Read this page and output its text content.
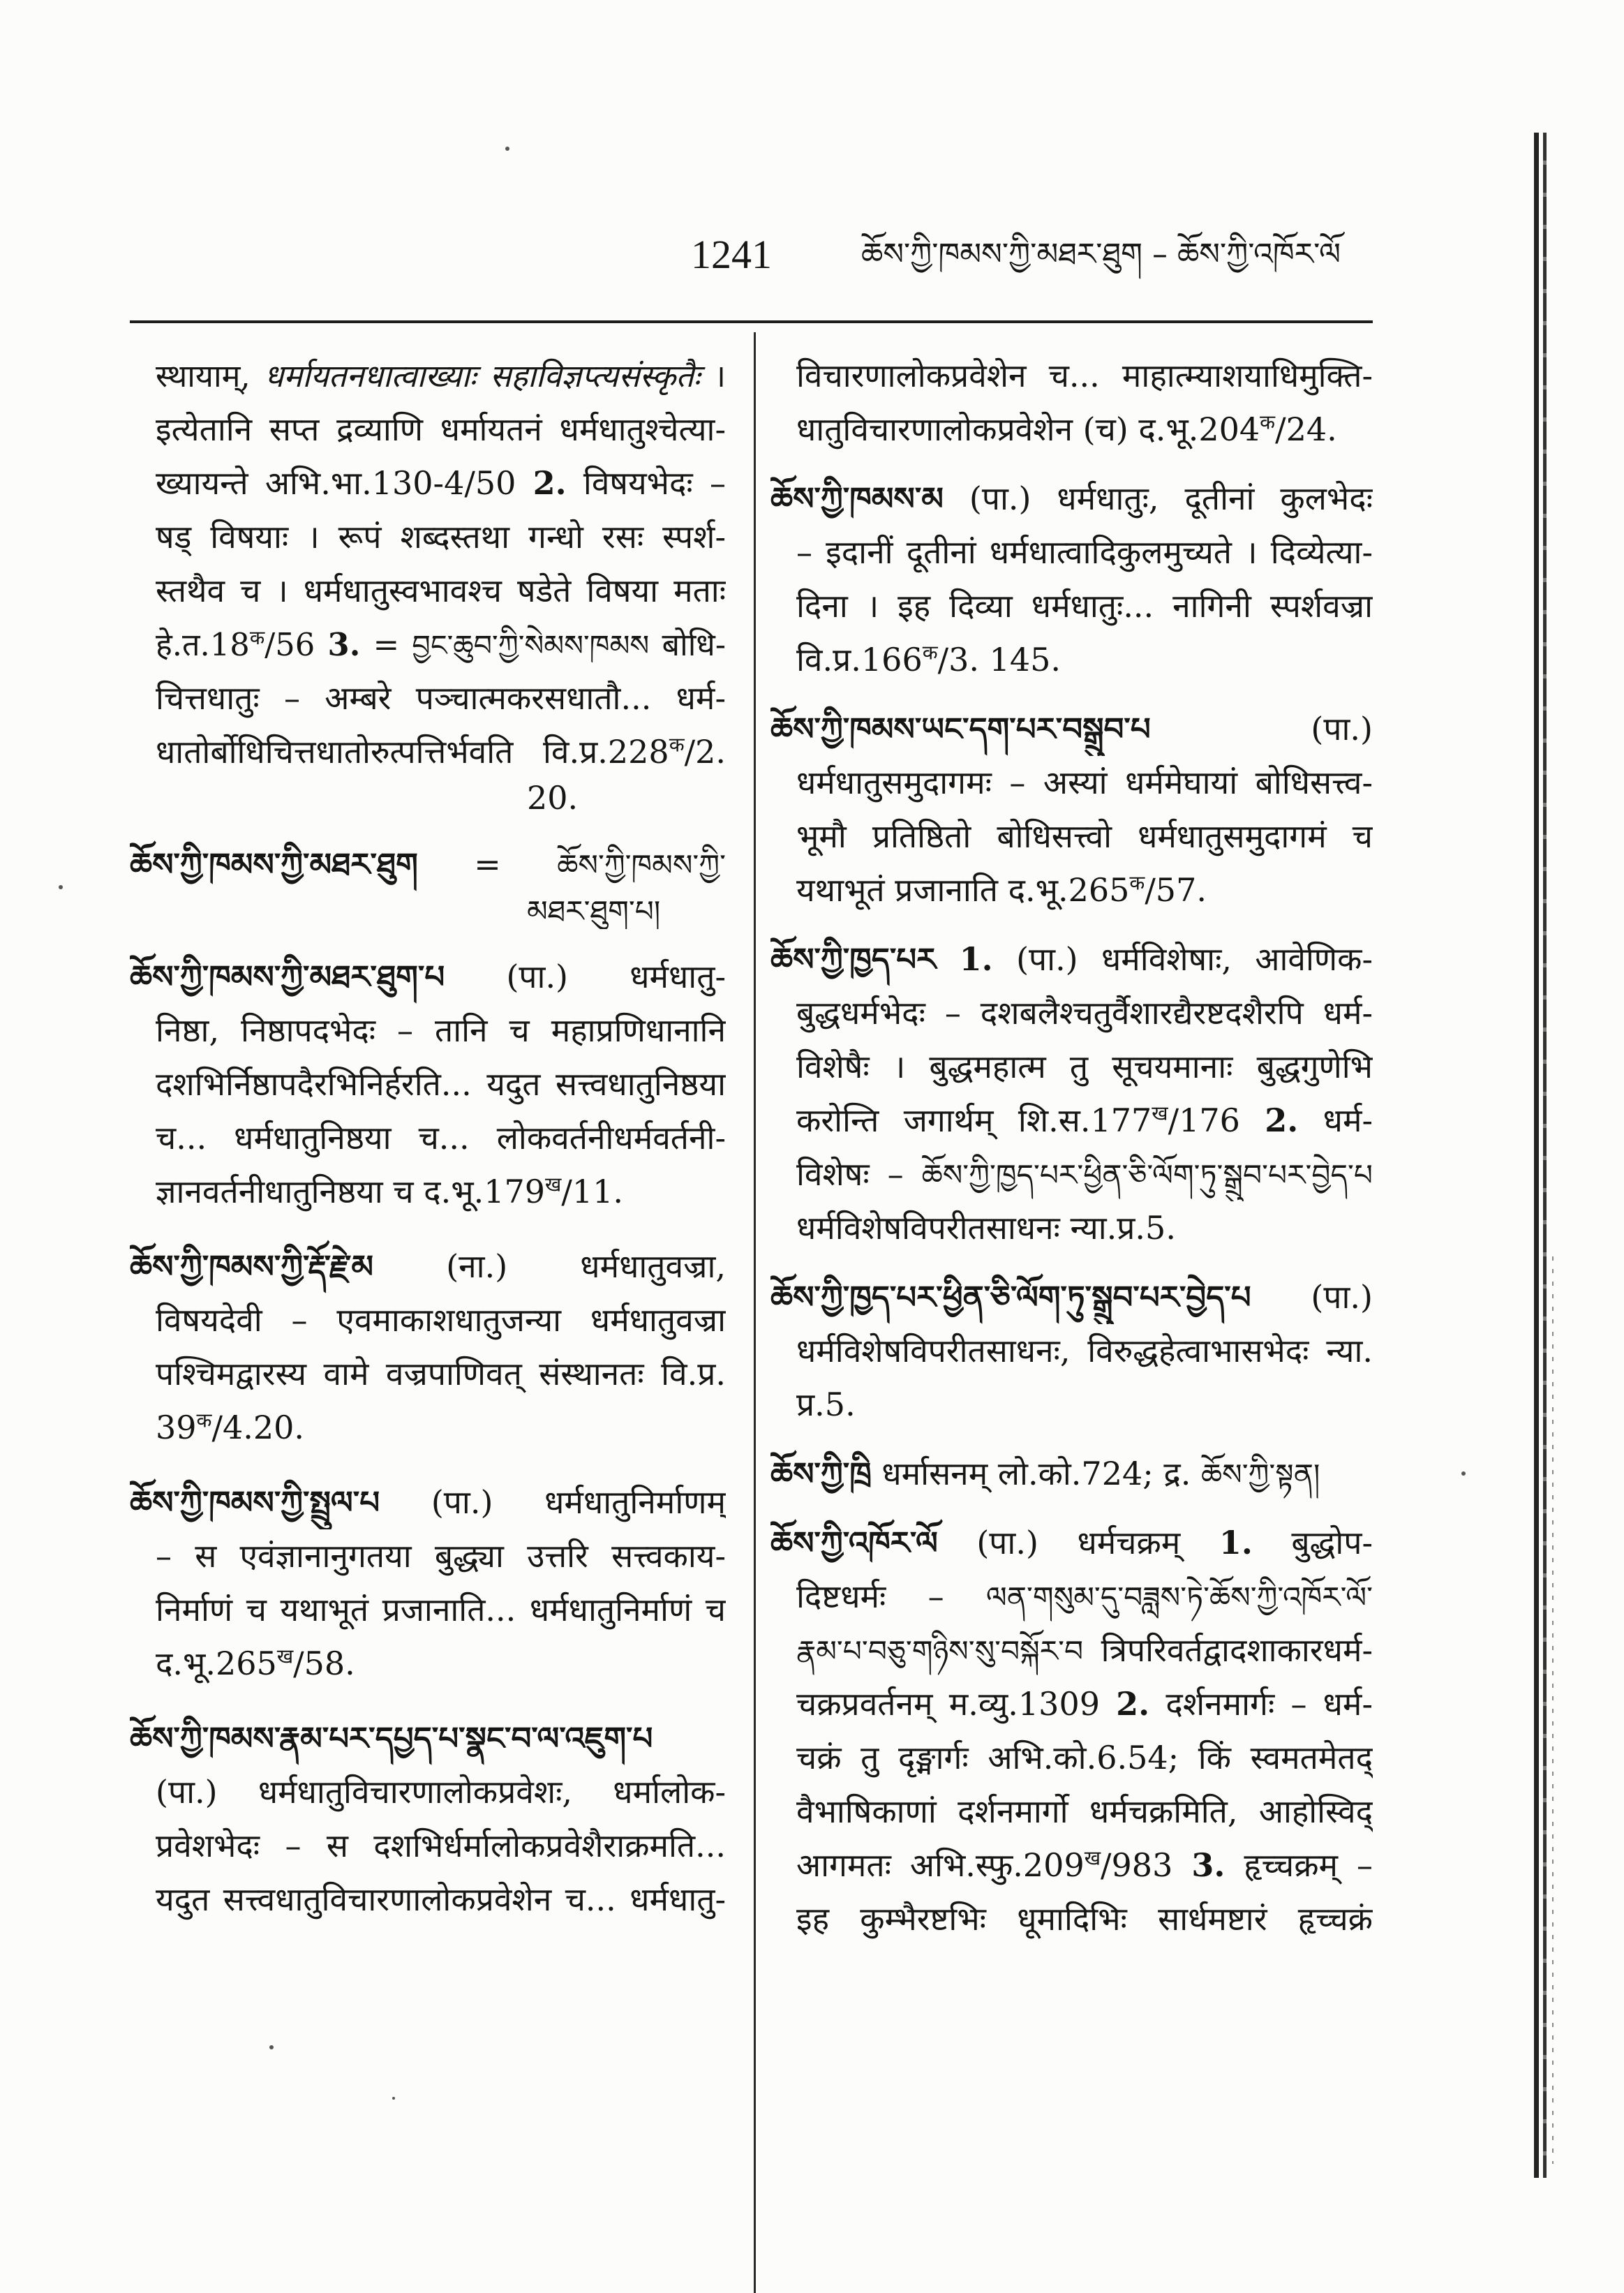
1241	ཆོས་ཀྱི་ཁམས་ཀྱི་མཐར་ཐུག – ཆོས་ཀྱི་འཁོར་ལོ
स्थायाम्, धर्मायतनधात्वाख्याः सहाविज्ञप्त्यसंस्कृतैः ।
इत्येतानि सप्त द्रव्याणि धर्मायतनं धर्मधातुश्चेत्या-
ख्यायन्ते अभि.भा.130-4/50 2. विषयभेदः –
षड् विषयाः । रूपं शब्दस्तथा गन्धो रसः स्पर्श-
स्तथैव च । धर्मधातुस्वभावश्च षडेते विषया मताः
$हे.त.18^क/56$ 3. = བྱང་ཆུབ་ཀྱི་སེམས་ཁམས बोधि-
चित्तधातुः – अम्बरे पञ्चात्मकरसधातौ... धर्म-
धातोर्बोधिचित्तधातोरुत्पत्तिर्भवति $वि.प्र.228^क/2$.
20.
ཆོས་ཀྱི་ཁམས་ཀྱི་མཐར་ཐུག = ཆོས་ཀྱི་ཁམས་ཀྱི་
མཐར་ཐུག་པ།
ཆོས་ཀྱི་ཁམས་ཀྱི་མཐར་ཐུག་པ (पा.) धर्मधातु-
निष्ठा, निष्ठापदभेदः – तानि च महाप्रणिधानानि
दशभिर्निष्ठापदैरभिनिर्हरति... यदुत सत्त्वधातुनिष्ठया
च... धर्मधातुनिष्ठया च... लोकवर्तनीधर्मवर्तनी-
ज्ञानवर्तनीधातुनिष्ठया च $द.भू.179^ख/11$.
ཆོས་ཀྱི་ཁམས་ཀྱི་རྡོ་རྗེ་མ (ना.) धर्मधातुवज्रा,
विषयदेवी – एवमाकाशधातुजन्या धर्मधातुवज्रा
पश्चिमद्वारस्य वामे वज्रपाणिवत् संस्थानतः वि.प्र.
$39^क/4.20$.
ཆོས་ཀྱི་ཁམས་ཀྱི་སྤྲུལ་པ (पा.) धर्मधातुनिर्माणम्
– स एवंज्ञानानुगतया बुद्ध्या उत्तरि सत्त्वकाय-
निर्माणं च यथाभूतं प्रजानाति... धर्मधातुनिर्माणं च
$द.भू.265^ख/58$.
ཆོས་ཀྱི་ཁམས་རྣམ་པར་དཔྱད་པ་སྣང་བ་ལ་འཇུག་པ
(पा.) धर्मधातुविचारणालोकप्रवेशः, धर्मालोक-
प्रवेशभेदः – स दशभिर्धर्मालोकप्रवेशैराक्रमति...
यदुत सत्त्वधातुविचारणालोकप्रवेशेन च... धर्मधातु-
विचारणालोकप्रवेशेन च... माहात्म्याशयाधिमुक्ति-
धातुविचारणालोकप्रवेशेन (च) $द.भू.204^क/24$.
ཆོས་ཀྱི་ཁམས་མ (पा.) धर्मधातुः, दूतीनां कुलभेदः
– इदानीं दूतीनां धर्मधात्वादिकुलमुच्यते । दिव्येत्या-
दिना । इह दिव्या धर्मधातुः... नागिनी स्पर्शवज्रा
$वि.प्र.166^क/3$. 145.
ཆོས་ཀྱི་ཁམས་ཡང་དག་པར་བསྒྲུབ་པ (पा.)
धर्मधातुसमुदागमः – अस्यां धर्ममेघायां बोधिसत्त्व-
भूमौ प्रतिष्ठितो बोधिसत्त्वो धर्मधातुसमुदागमं च
यथाभूतं प्रजानाति $द.भू.265^क/57$.
ཆོས་ཀྱི་ཁྱད་པར 1. (पा.) धर्मविशेषाः, आवेणिक-
बुद्धधर्मभेदः – दशबलैश्चतुर्वैशारद्यैरष्टदशैरपि धर्म-
विशेषैः । बुद्धमहात्म तु सूचयमानाः बुद्धगुणेभि
करोन्ति जगार्थम् $शि.स.177^ख/176$ 2. धर्म-
विशेषः – ཆོས་ཀྱི་ཁྱད་པར་ཕྱིན་ཅི་ལོག་ཏུ་སྒྲུབ་པར་བྱེད་པ
धर्मविशेषविपरीतसाधनः न्या.प्र.5.
ཆོས་ཀྱི་ཁྱད་པར་ཕྱིན་ཅི་ལོག་ཏུ་སྒྲུབ་པར་བྱེད་པ (पा.)
धर्मविशेषविपरीतसाधनः, विरुद्धहेत्वाभासभेदः न्या.
प्र.5.
ཆོས་ཀྱི་ཁྲི धर्मासनम् लो.को.724; द्र. ཆོས་ཀྱི་སྟན།
ཆོས་ཀྱི་འཁོར་ལོ (पा.) धर्मचक्रम् 1. बुद्धोप-
दिष्टधर्मः – ལན་གསུམ་དུ་བཟླས་ཏེ་ཆོས་ཀྱི་འཁོར་ལོ་
རྣམ་པ་བཅུ་གཉིས་སུ་བསྐོར་བ त्रिपरिवर्तद्वादशाकारधर्म-
चक्रप्रवर्तनम् म.व्यु.1309 2. दर्शनमार्गः – धर्म-
चक्रं तु दृङ्मार्गः अभि.को.6.54; किं स्वमतमेतद्
वैभाषिकाणां दर्शनमार्गो धर्मचक्रमिति, आहोस्विद्
आगमतः $अभि.स्फु.209^ख/983$ 3. हृच्चक्रम् –
इह कुम्भैरष्टभिः धूमादिभिः सार्धमष्टारं हृच्चक्रं
